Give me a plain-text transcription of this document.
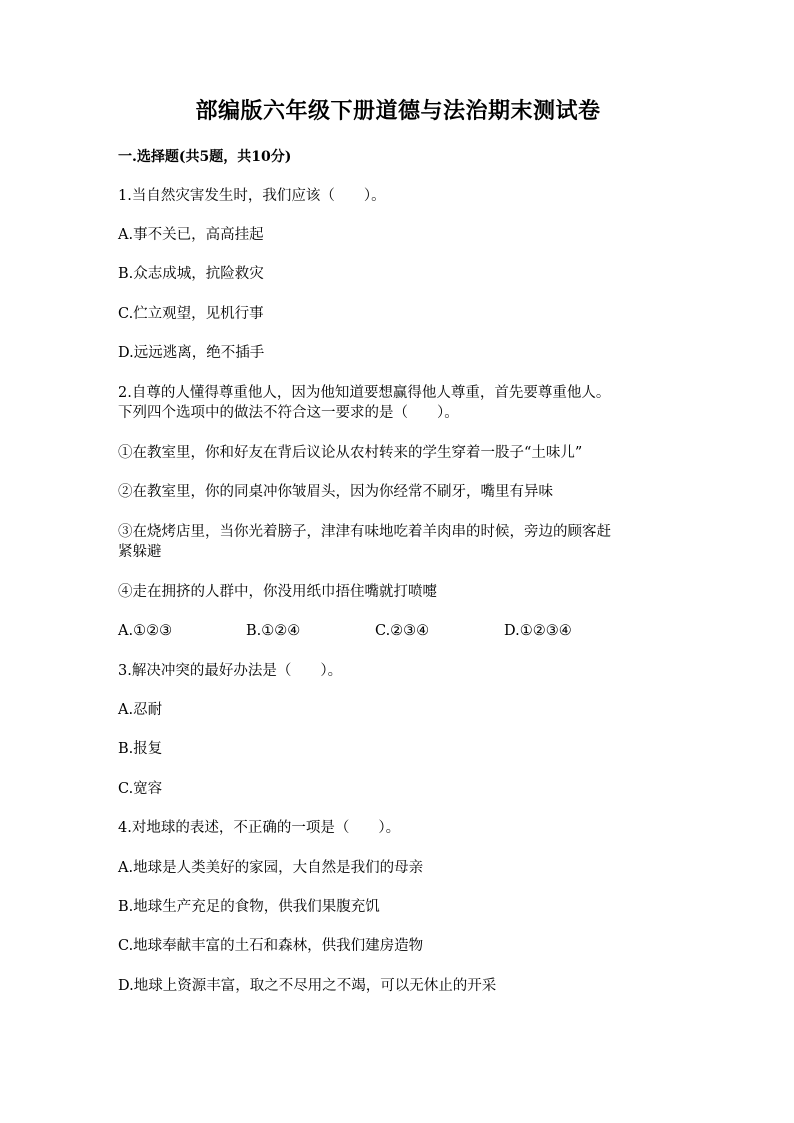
部编版六年级下册道德与法治期末测试卷
一.选择题(共5题，共10分)
1.当自然灾害发生时，我们应该（　　）。
A.事不关已，高高挂起
B.众志成城，抗险救灾
C.伫立观望，见机行事
D.远远逃离，绝不插手
2.自尊的人懂得尊重他人，因为他知道要想赢得他人尊重，首先要尊重他人。
下列四个选项中的做法不符合这一要求的是（　　）。
①在教室里，你和好友在背后议论从农村转来的学生穿着一股子“土味儿”
②在教室里，你的同桌冲你皱眉头，因为你经常不刷牙，嘴里有异味
③在烧烤店里，当你光着膀子，津津有味地吃着羊肉串的时候，旁边的顾客赶
紧躲避
④走在拥挤的人群中，你没用纸巾捂住嘴就打喷嚏
A.①②③	B.①②④	C.②③④	D.①②③④
3.解决冲突的最好办法是（　　）。
A.忍耐
B.报复
C.宽容
4.对地球的表述，不正确的一项是（　　）。
A.地球是人类美好的家园，大自然是我们的母亲
B.地球生产充足的食物，供我们果腹充饥
C.地球奉献丰富的土石和森林，供我们建房造物
D.地球上资源丰富，取之不尽用之不竭，可以无休止的开采
